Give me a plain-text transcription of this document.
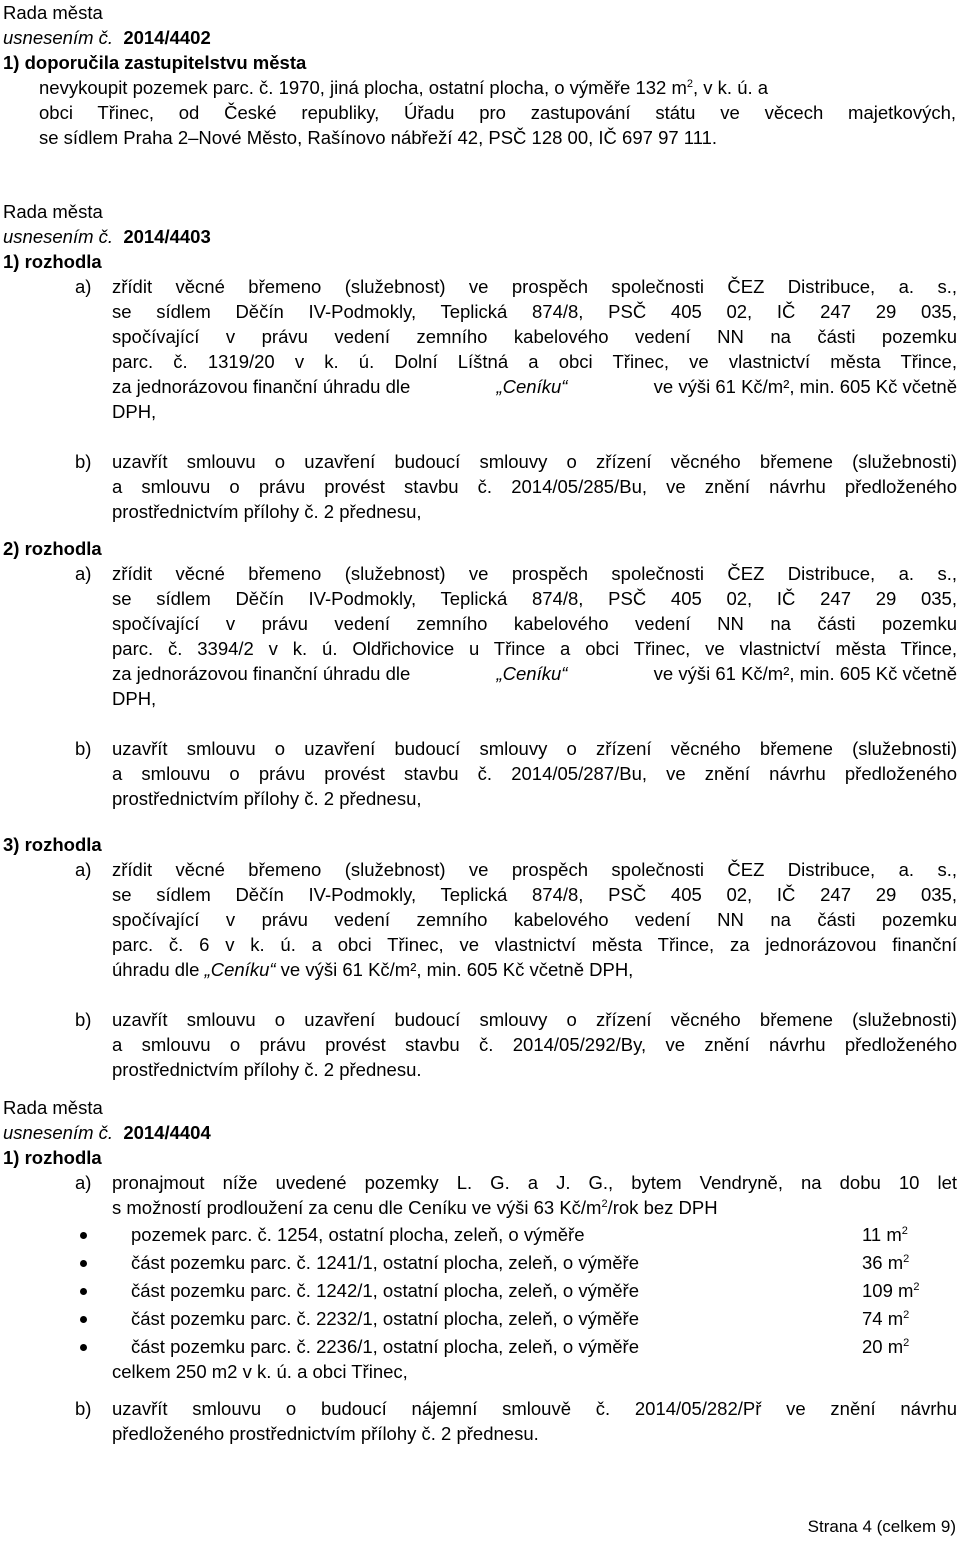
Rada města
usnesením č. 2014/4402
1) doporučila zastupitelstvu města
nevykoupit pozemek parc. č. 1970, jiná plocha, ostatní plocha, o výměře 132 $m^2$, v k. ú. a
obci Třinec, od České republiky, Úřadu pro zastupování státu ve věcech majetkových,
se sídlem Praha 2–Nové Město, Rašínovo nábřeží 42, PSČ 128 00, IČ 697 97 111.
Rada města
usnesením č. 2014/4403
1) rozhodla
a) zřídit věcné břemeno (služebnost) ve prospěch společnosti ČEZ Distribuce, a. s.,
se sídlem Děčín IV-Podmokly, Teplická 874/8, PSČ 405 02, IČ 247 29 035,
spočívající v právu vedení zemního kabelového vedení NN na části pozemku
parc. č. 1319/20 v k. ú. Dolní Líštná a obci Třinec, ve vlastnictví města Třince,
za jednorázovou finanční úhradu dle	„Ceníku“	ve výši 61 Kč/m², min. 605 Kč včetně
DPH,
b) uzavřít smlouvu o uzavření budoucí smlouvy o zřízení věcného břemene (služebnosti)
a smlouvu o právu provést stavbu č. 2014/05/285/Bu, ve znění návrhu předloženého
prostřednictvím přílohy č. 2 přednesu,
2) rozhodla
a) zřídit věcné břemeno (služebnost) ve prospěch společnosti ČEZ Distribuce, a. s.,
se sídlem Děčín IV-Podmokly, Teplická 874/8, PSČ 405 02, IČ 247 29 035,
spočívající v právu vedení zemního kabelového vedení NN na části pozemku
parc. č. 3394/2 v k. ú. Oldřichovice u Třince a obci Třinec, ve vlastnictví města Třince,
za jednorázovou finanční úhradu dle	„Ceníku“	ve výši 61 Kč/m², min. 605 Kč včetně
DPH,
b) uzavřít smlouvu o uzavření budoucí smlouvy o zřízení věcného břemene (služebnosti)
a smlouvu o právu provést stavbu č. 2014/05/287/Bu, ve znění návrhu předloženého
prostřednictvím přílohy č. 2 přednesu,
3) rozhodla
a) zřídit věcné břemeno (služebnost) ve prospěch společnosti ČEZ Distribuce, a. s.,
se sídlem Děčín IV-Podmokly, Teplická 874/8, PSČ 405 02, IČ 247 29 035,
spočívající v právu vedení zemního kabelového vedení NN na části pozemku
parc. č. 6 v k. ú. a obci Třinec, ve vlastnictví města Třince, za jednorázovou finanční
úhradu dle „Ceníku“ ve výši 61 Kč/m², min. 605 Kč včetně DPH,
b) uzavřít smlouvu o uzavření budoucí smlouvy o zřízení věcného břemene (služebnosti)
a smlouvu o právu provést stavbu č. 2014/05/292/By, ve znění návrhu předloženého
prostřednictvím přílohy č. 2 přednesu.
Rada města
usnesením č. 2014/4404
1) rozhodla
a) pronajmout níže uvedené pozemky L. G. a J. G., bytem Vendryně, na dobu 10 let
s možností prodloužení za cenu dle Ceníku ve výši 63 $Kč/m^2$/rok bez DPH
pozemek parc. č. 1254, ostatní plocha, zeleň, o výměře	11 $m^2$
část pozemku parc. č. 1241/1, ostatní plocha, zeleň, o výměře	36 $m^2$
část pozemku parc. č. 1242/1, ostatní plocha, zeleň, o výměře	109 $m^2$
část pozemku parc. č. 2232/1, ostatní plocha, zeleň, o výměře	74 $m^2$
část pozemku parc. č. 2236/1, ostatní plocha, zeleň, o výměře	20 $m^2$
celkem 250 m2 v k. ú. a obci Třinec,
b) uzavřít smlouvu o budoucí nájemní smlouvě č. 2014/05/282/Př ve znění návrhu
předloženého prostřednictvím přílohy č. 2 přednesu.
Strana 4 (celkem 9)
